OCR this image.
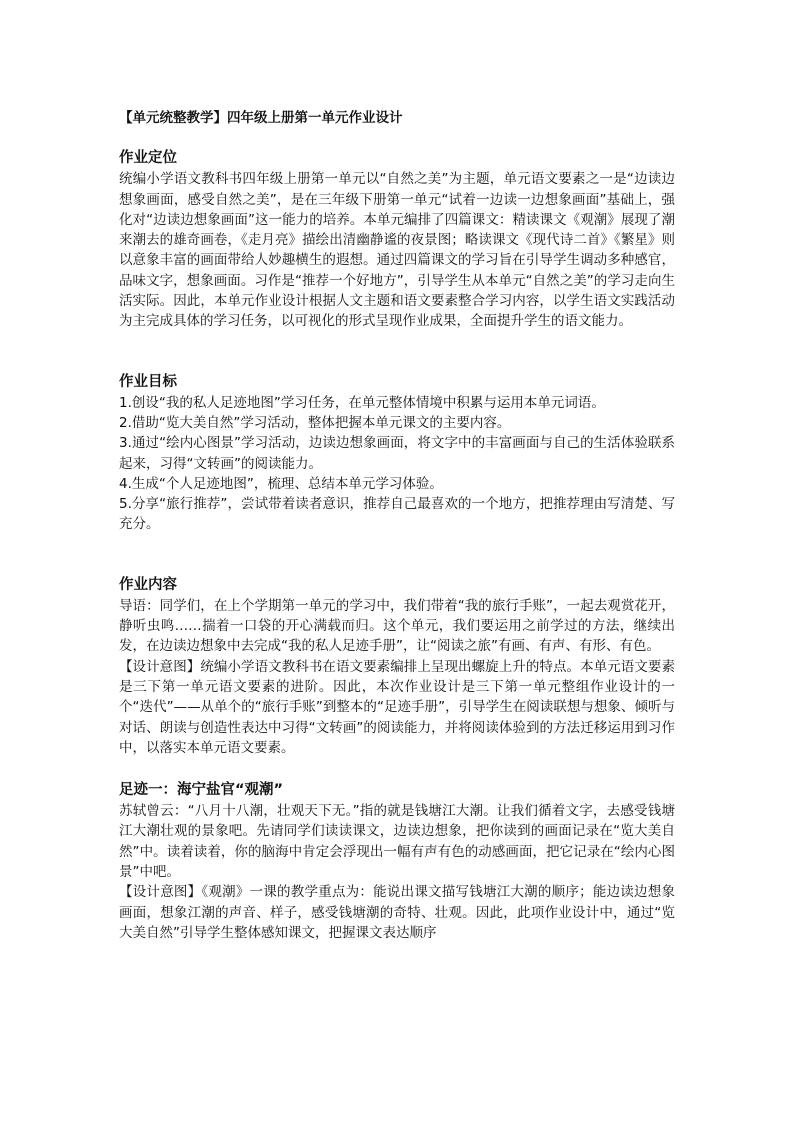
【单元统整教学】四年级上册第一单元作业设计
作业定位

统编小学语文教科书四年级上册第一单元以“自然之美”为主题，单元语文要素之一是“边读边想象画面，感受自然之美”，是在三年级下册第一单元“试着一边读一边想象画面”基础上，强化对“边读边想象画面”这一能力的培养。本单元编排了四篇课文：精读课文《观潮》展现了潮来潮去的雄奇画卷，《走月亮》描绘出清幽静谧的夜景图；略读课文《现代诗二首》《繁星》则以意象丰富的画面带给人妙趣横生的遐想。通过四篇课文的学习旨在引导学生调动多种感官，品味文字，想象画面。习作是“推荐一个好地方”，引导学生从本单元“自然之美”的学习走向生活实际。因此，本单元作业设计根据人文主题和语文要素整合学习内容，以学生语文实践活动为主完成具体的学习任务，以可视化的形式呈现作业成果，全面提升学生的语文能力。

作业目标

1.创设“我的私人足迹地图”学习任务，在单元整体情境中积累与运用本单元词语。

2.借助“览大美自然”学习活动，整体把握本单元课文的主要内容。

3.通过“绘内心图景”学习活动，边读边想象画面，将文字中的丰富画面与自己的生活体验联系起来，习得“文转画”的阅读能力。

4.生成“个人足迹地图”，梳理、总结本单元学习体验。

5.分享“旅行推荐”，尝试带着读者意识，推荐自己最喜欢的一个地方，把推荐理由写清楚、写充分。

作业内容

导语：同学们，在上个学期第一单元的学习中，我们带着“我的旅行手账”，一起去观赏花开，静听虫鸣……揣着一口袋的开心满载而归。这个单元，我们要运用之前学过的方法，继续出发，在边读边想象中去完成“我的私人足迹手册”，让“阅读之旅”有画、有声、有形、有色。

【设计意图】统编小学语文教科书在语文要素编排上呈现出螺旋上升的特点。本单元语文要素是三下第一单元语文要素的进阶。因此，本次作业设计是三下第一单元整组作业设计的一个“迭代”——从单个的“旅行手账”到整本的“足迹手册”，引导学生在阅读联想与想象、倾听与对话、朗读与创造性表达中习得“文转画”的阅读能力，并将阅读体验到的方法迁移运用到习作中，以落实本单元语文要素。

足迹一：海宁盐官“观潮”

苏轼曾云：“八月十八潮，壮观天下无。”指的就是钱塘江大潮。让我们循着文字，去感受钱塘江大潮壮观的景象吧。先请同学们读读课文，边读边想象，把你读到的画面记录在“览大美自然”中。读着读着，你的脑海中肯定会浮现出一幅有声有色的动感画面，把它记录在“绘内心图景”中吧。

【设计意图】《观潮》一课的教学重点为：能说出课文描写钱塘江大潮的顺序；能边读边想象画面，想象江潮的声音、样子，感受钱塘潮的奇特、壮观。因此，此项作业设计中，通过“览大美自然”引导学生整体感知课文，把握课文表达顺序
